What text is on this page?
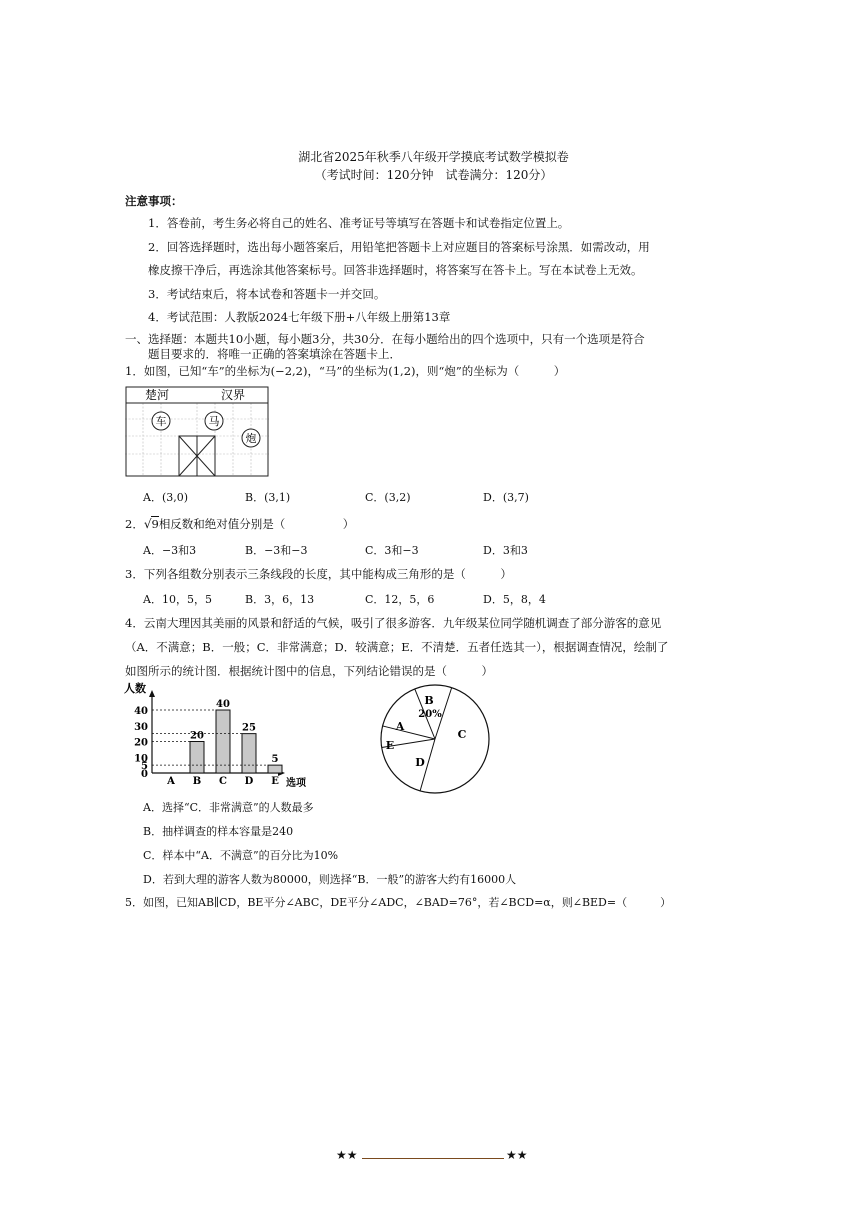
湖北省2025年秋季八年级开学摸底考试数学模拟卷
（考试时间：120分钟　试卷满分：120分）
注意事项：
1．答卷前，考生务必将自己的姓名、准考证号等填写在答题卡和试卷指定位置上。
2．回答选择题时，选出每小题答案后，用铅笔把答题卡上对应题目的答案标号涂黑．如需改动，用
橡皮擦干净后，再选涂其他答案标号。回答非选择题时，将答案写在答卡上。写在本试卷上无效。
3．考试结束后，将本试卷和答题卡一并交回。
4．考试范围：人教版2024七年级下册+八年级上册第13章
一、选择题：本题共10小题，每小题3分，共30分．在每小题给出的四个选项中，只有一个选项是符合
题目要求的．将唯一正确的答案填涂在答题卡上．
1．如图，已知“车”的坐标为(−2,2)，“马”的坐标为(1,2)，则“炮”的坐标为（　　　）
楚河	汉界
车	马
炮
A．(3,0)	B．(3,1)	C．(3,2)	D．(3,7)
2．√9相反数和绝对值分别是（　　　　　）
A．−3和3	B．−3和−3	C．3和−3	D．3和3
3．下列各组数分别表示三条线段的长度，其中能构成三角形的是（　　　）
A．10，5，5	B．3，6，13	C．12，5，6	D．5，8，4
4．云南大理因其美丽的风景和舒适的气候，吸引了很多游客．九年级某位同学随机调查了部分游客的意见
（A．不满意；B．一般；C．非常满意；D．较满意；E．不清楚．五者任选其一），根据调查情况，绘制了
如图所示的统计图．根据统计图中的信息，下列结论错误的是（　　　）
人数
选项
0
5
10
20
30
40
A
20
B
40
C
25
D
5
E
A
B
C
D
E
20%
A．选择“C．非常满意”的人数最多
B．抽样调查的样本容量是240
C．样本中“A．不满意”的百分比为10%
D．若到大理的游客人数为80000，则选择“B．一般”的游客大约有16000人
5．如图，已知AB∥CD，BE平分∠ABC，DE平分∠ADC，∠BAD=76°，若∠BCD=α，则∠BED=（　　　）
★★	★★
